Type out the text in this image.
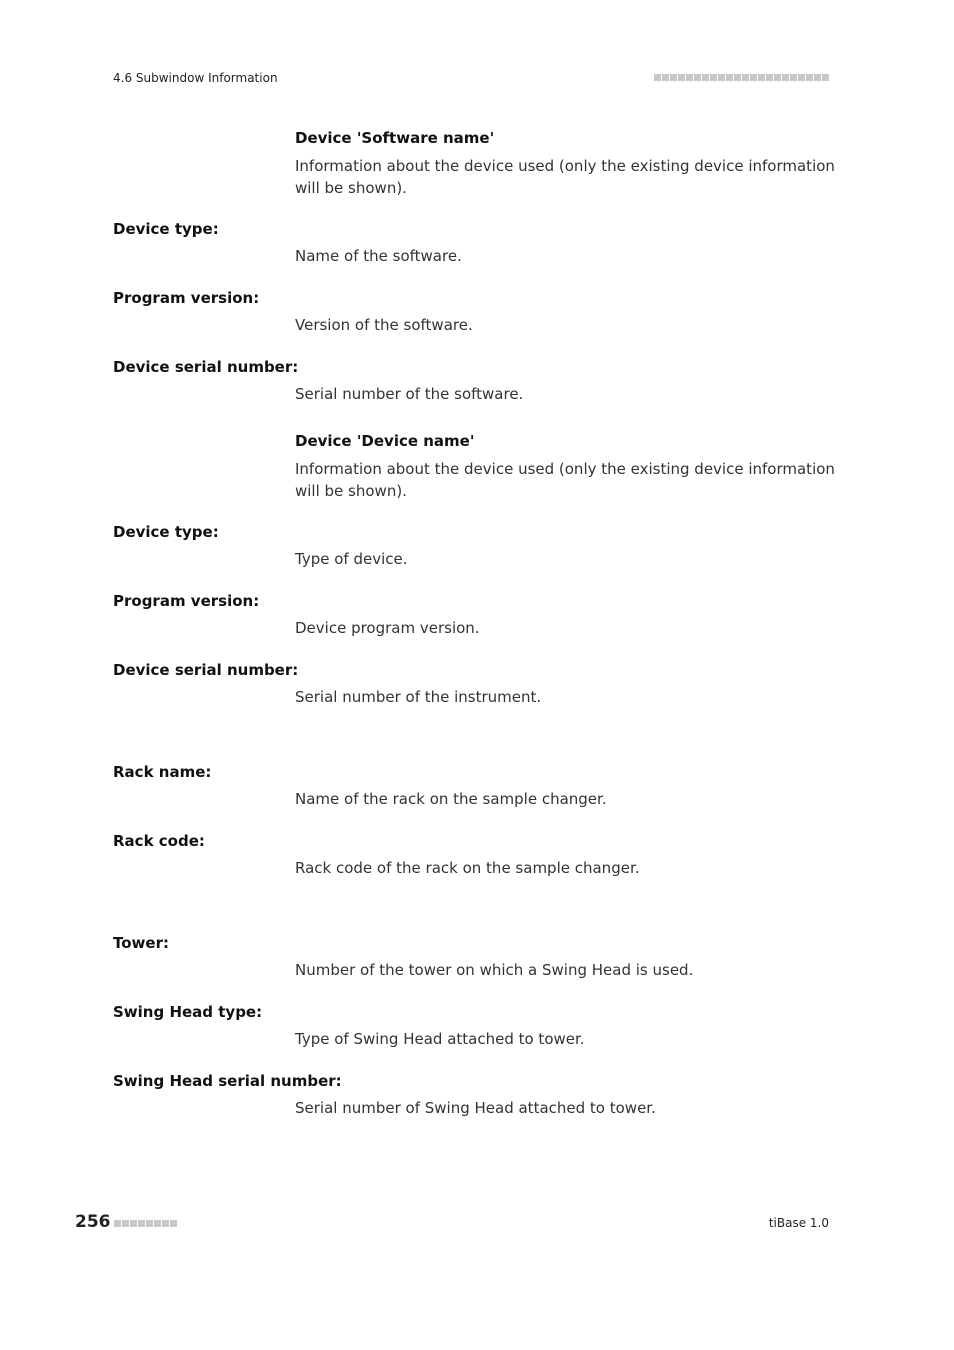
4.6 Subwindow Information
Device 'Software name'
Information about the device used (only the existing device information will be shown).
Device type:
Name of the software.
Program version:
Version of the software.
Device serial number:
Serial number of the software.
Device 'Device name'
Information about the device used (only the existing device information will be shown).
Device type:
Type of device.
Program version:
Device program version.
Device serial number:
Serial number of the instrument.
Rack name:
Name of the rack on the sample changer.
Rack code:
Rack code of the rack on the sample changer.
Tower:
Number of the tower on which a Swing Head is used.
Swing Head type:
Type of Swing Head attached to tower.
Swing Head serial number:
Serial number of Swing Head attached to tower.
256	tiBase 1.0
